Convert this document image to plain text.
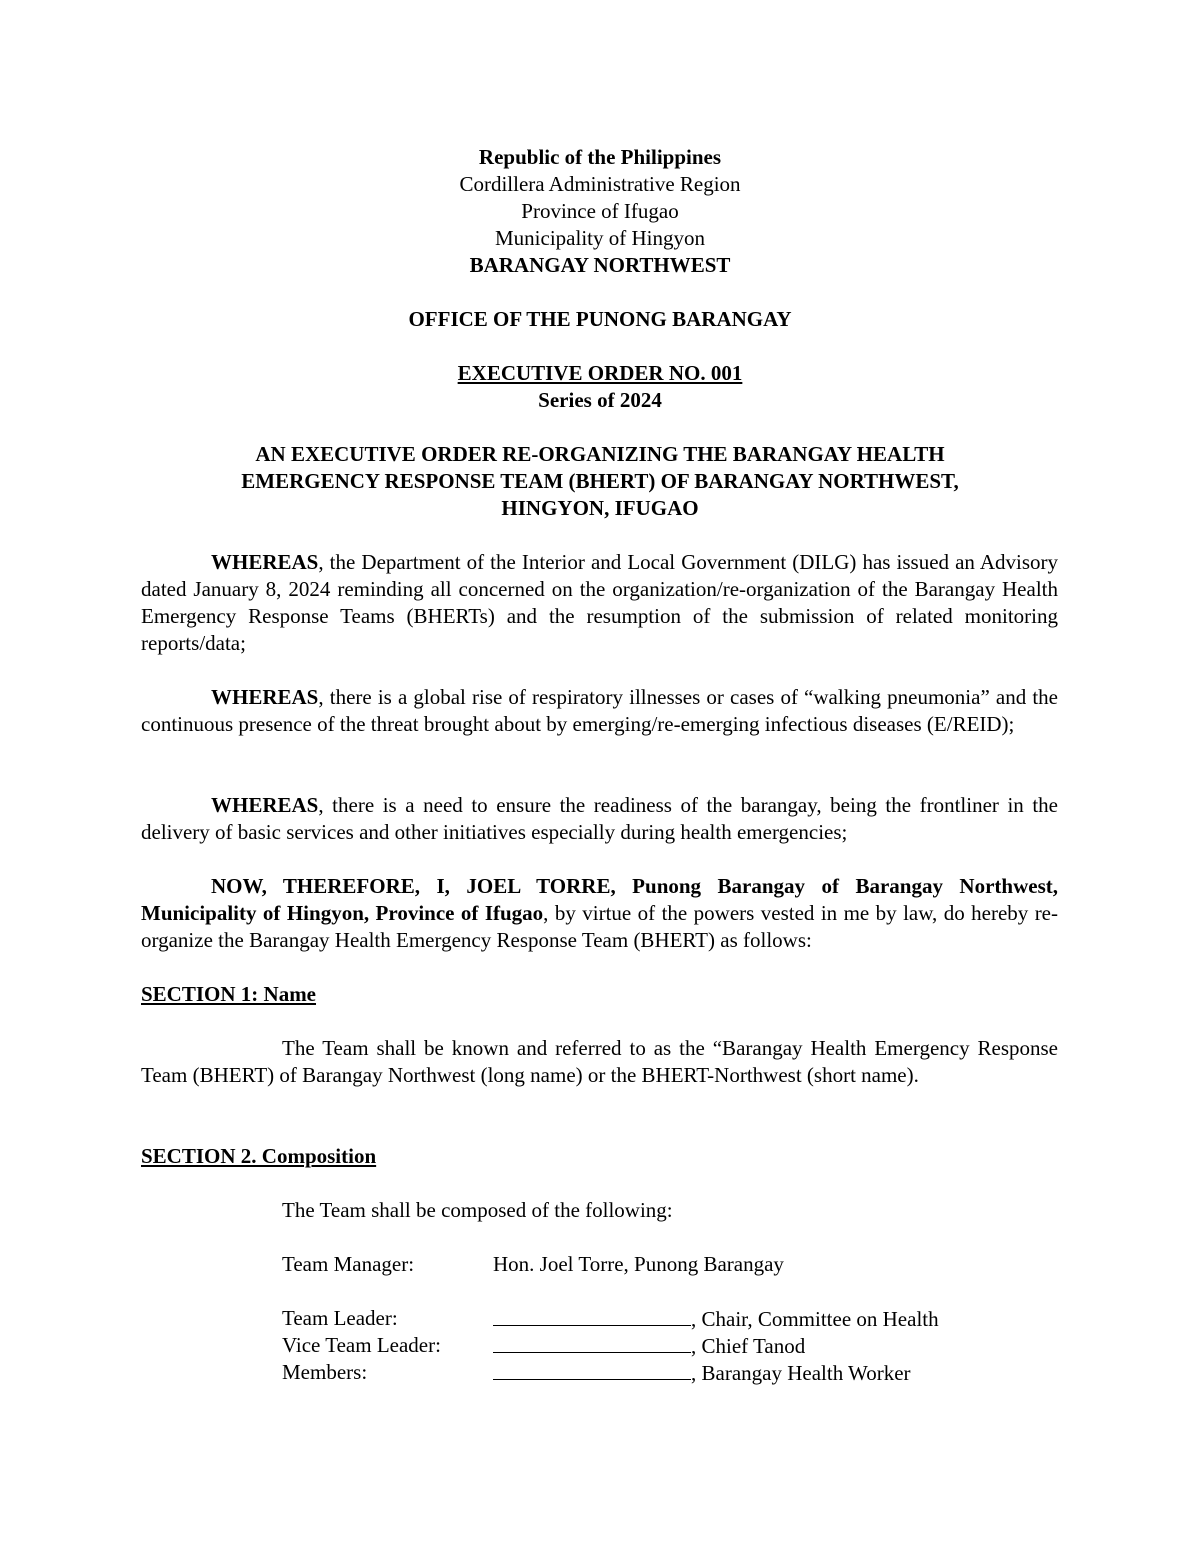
Republic of the Philippines
Cordillera Administrative Region
Province of Ifugao
Municipality of Hingyon
BARANGAY NORTHWEST
OFFICE OF THE PUNONG BARANGAY
EXECUTIVE ORDER NO. 001
Series of 2024
AN EXECUTIVE ORDER RE-ORGANIZING THE BARANGAY HEALTH
EMERGENCY RESPONSE TEAM (BHERT) OF BARANGAY NORTHWEST,
HINGYON, IFUGAO
WHEREAS, the Department of the Interior and Local Government (DILG) has issued an Advisory dated January 8, 2024 reminding all concerned on the organization/re-organization of the Barangay Health Emergency Response Teams (BHERTs) and the resumption of the submission of related monitoring reports/data;
WHEREAS, there is a global rise of respiratory illnesses or cases of “walking pneumonia” and the continuous presence of the threat brought about by emerging/re-emerging infectious diseases (E/REID);
WHEREAS, there is a need to ensure the readiness of the barangay, being the frontliner in the delivery of basic services and other initiatives especially during health emergencies;
NOW, THEREFORE, I, JOEL TORRE, Punong Barangay of Barangay Northwest, Municipality of Hingyon, Province of Ifugao, by virtue of the powers vested in me by law, do hereby re-organize the Barangay Health Emergency Response Team (BHERT) as follows:
SECTION 1: Name
The Team shall be known and referred to as the “Barangay Health Emergency Response Team (BHERT) of Barangay Northwest (long name) or the BHERT-Northwest (short name).
SECTION 2. Composition
The Team shall be composed of the following:
Team Manager:	Hon. Joel Torre, Punong Barangay
Team Leader:	, Chair, Committee on Health
Vice Team Leader:	, Chief Tanod
Members:	, Barangay Health Worker
